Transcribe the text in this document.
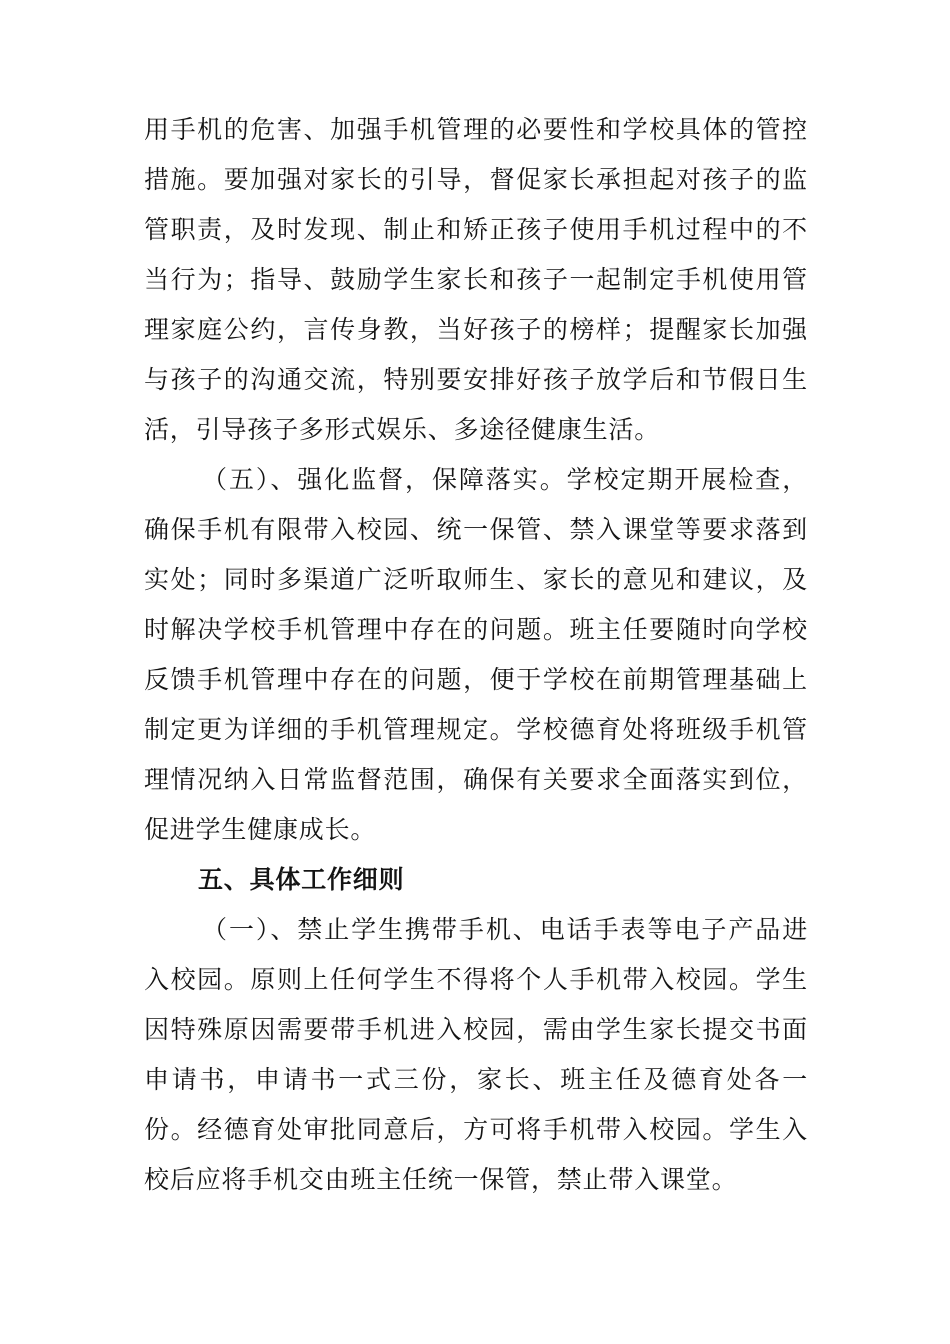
用手机的危害、加强手机管理的必要性和学校具体的管控措施。要加强对家长的引导，督促家长承担起对孩子的监管职责，及时发现、制止和矫正孩子使用手机过程中的不当行为；指导、鼓励学生家长和孩子一起制定手机使用管理家庭公约，言传身教，当好孩子的榜样；提醒家长加强与孩子的沟通交流，特别要安排好孩子放学后和节假日生活，引导孩子多形式娱乐、多途径健康生活。

（五）、强化监督，保障落实。学校定期开展检查，确保手机有限带入校园、统一保管、禁入课堂等要求落到实处；同时多渠道广泛听取师生、家长的意见和建议，及时解决学校手机管理中存在的问题。班主任要随时向学校反馈手机管理中存在的问题，便于学校在前期管理基础上制定更为详细的手机管理规定。学校德育处将班级手机管理情况纳入日常监督范围，确保有关要求全面落实到位，促进学生健康成长。

五、具体工作细则

（一）、禁止学生携带手机、电话手表等电子产品进入校园。原则上任何学生不得将个人手机带入校园。学生因特殊原因需要带手机进入校园，需由学生家长提交书面申请书，申请书一式三份，家长、班主任及德育处各一份。经德育处审批同意后，方可将手机带入校园。学生入校后应将手机交由班主任统一保管，禁止带入课堂。
